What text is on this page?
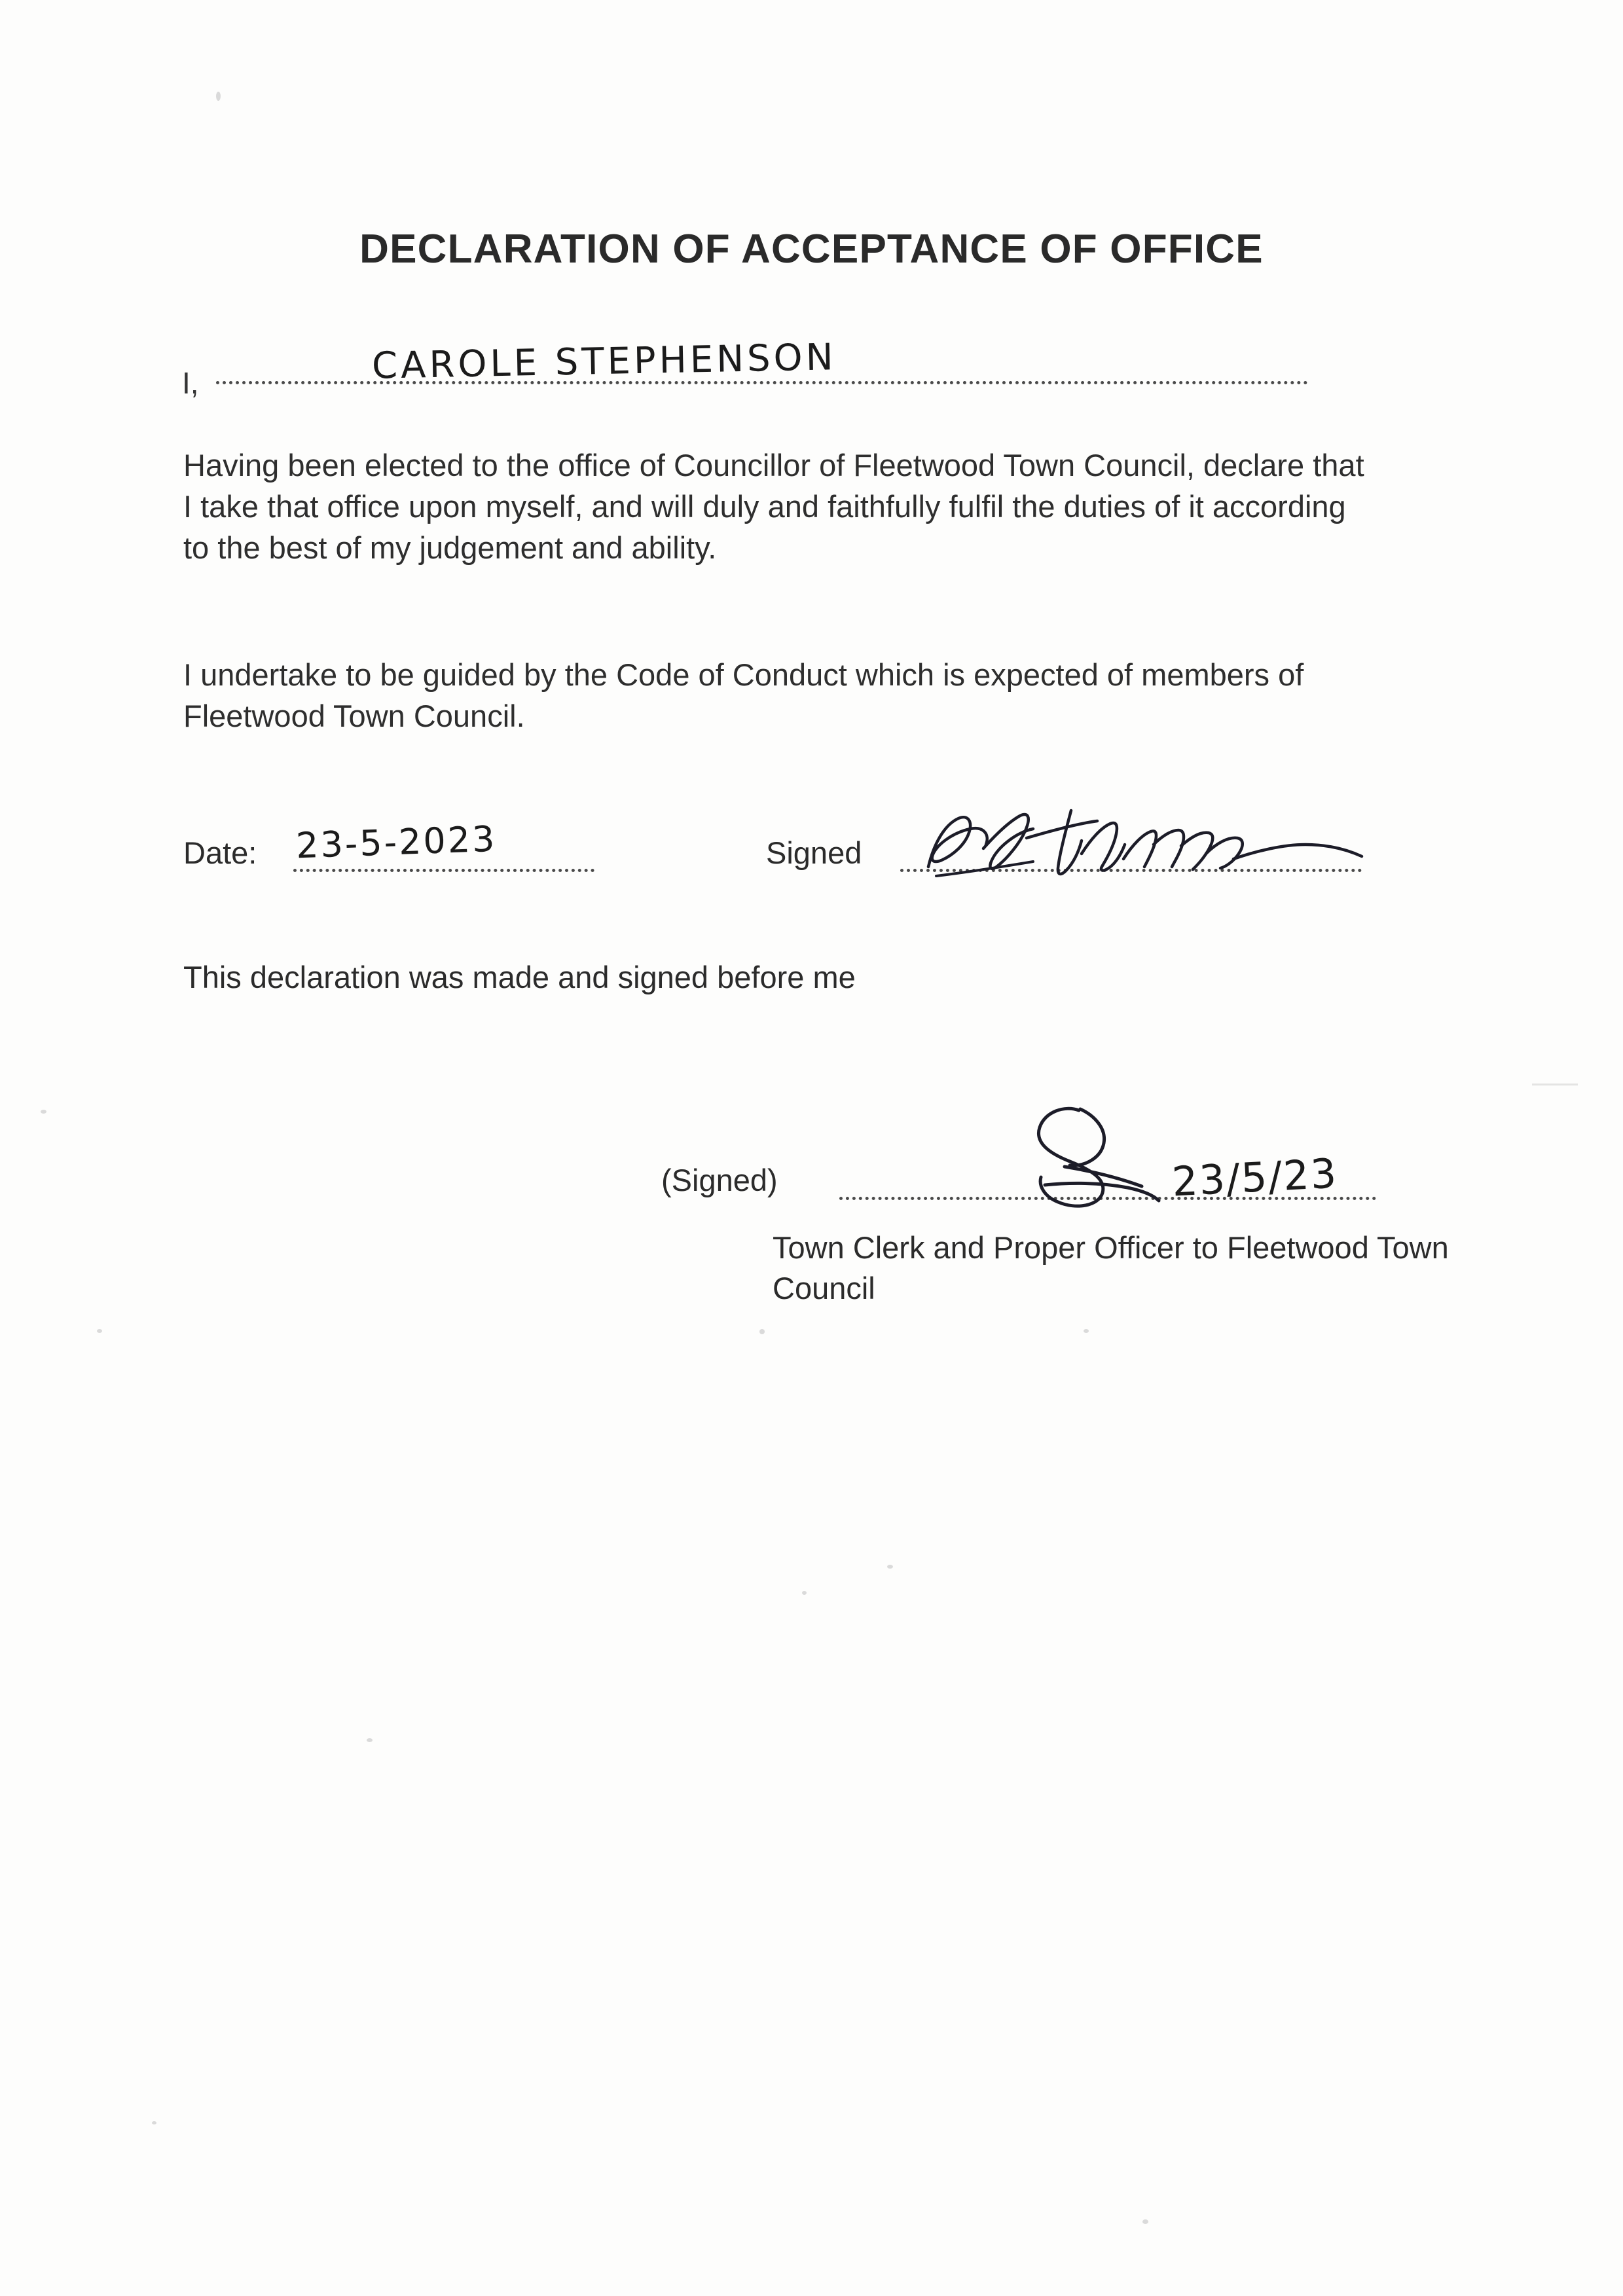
DECLARATION OF ACCEPTANCE OF OFFICE
I,	CAROLE STEPHENSON
Having been elected to the office of Councillor of Fleetwood Town Council, declare that I take that office upon myself, and will duly and faithfully fulfil the duties of it according to the best of my judgement and ability.
I undertake to be guided by the Code of Conduct which is expected of members of Fleetwood Town Council.
Date: 23-5-2023	Signed
This declaration was made and signed before me
(Signed)	23/5/23
Town Clerk and Proper Officer to Fleetwood Town Council
